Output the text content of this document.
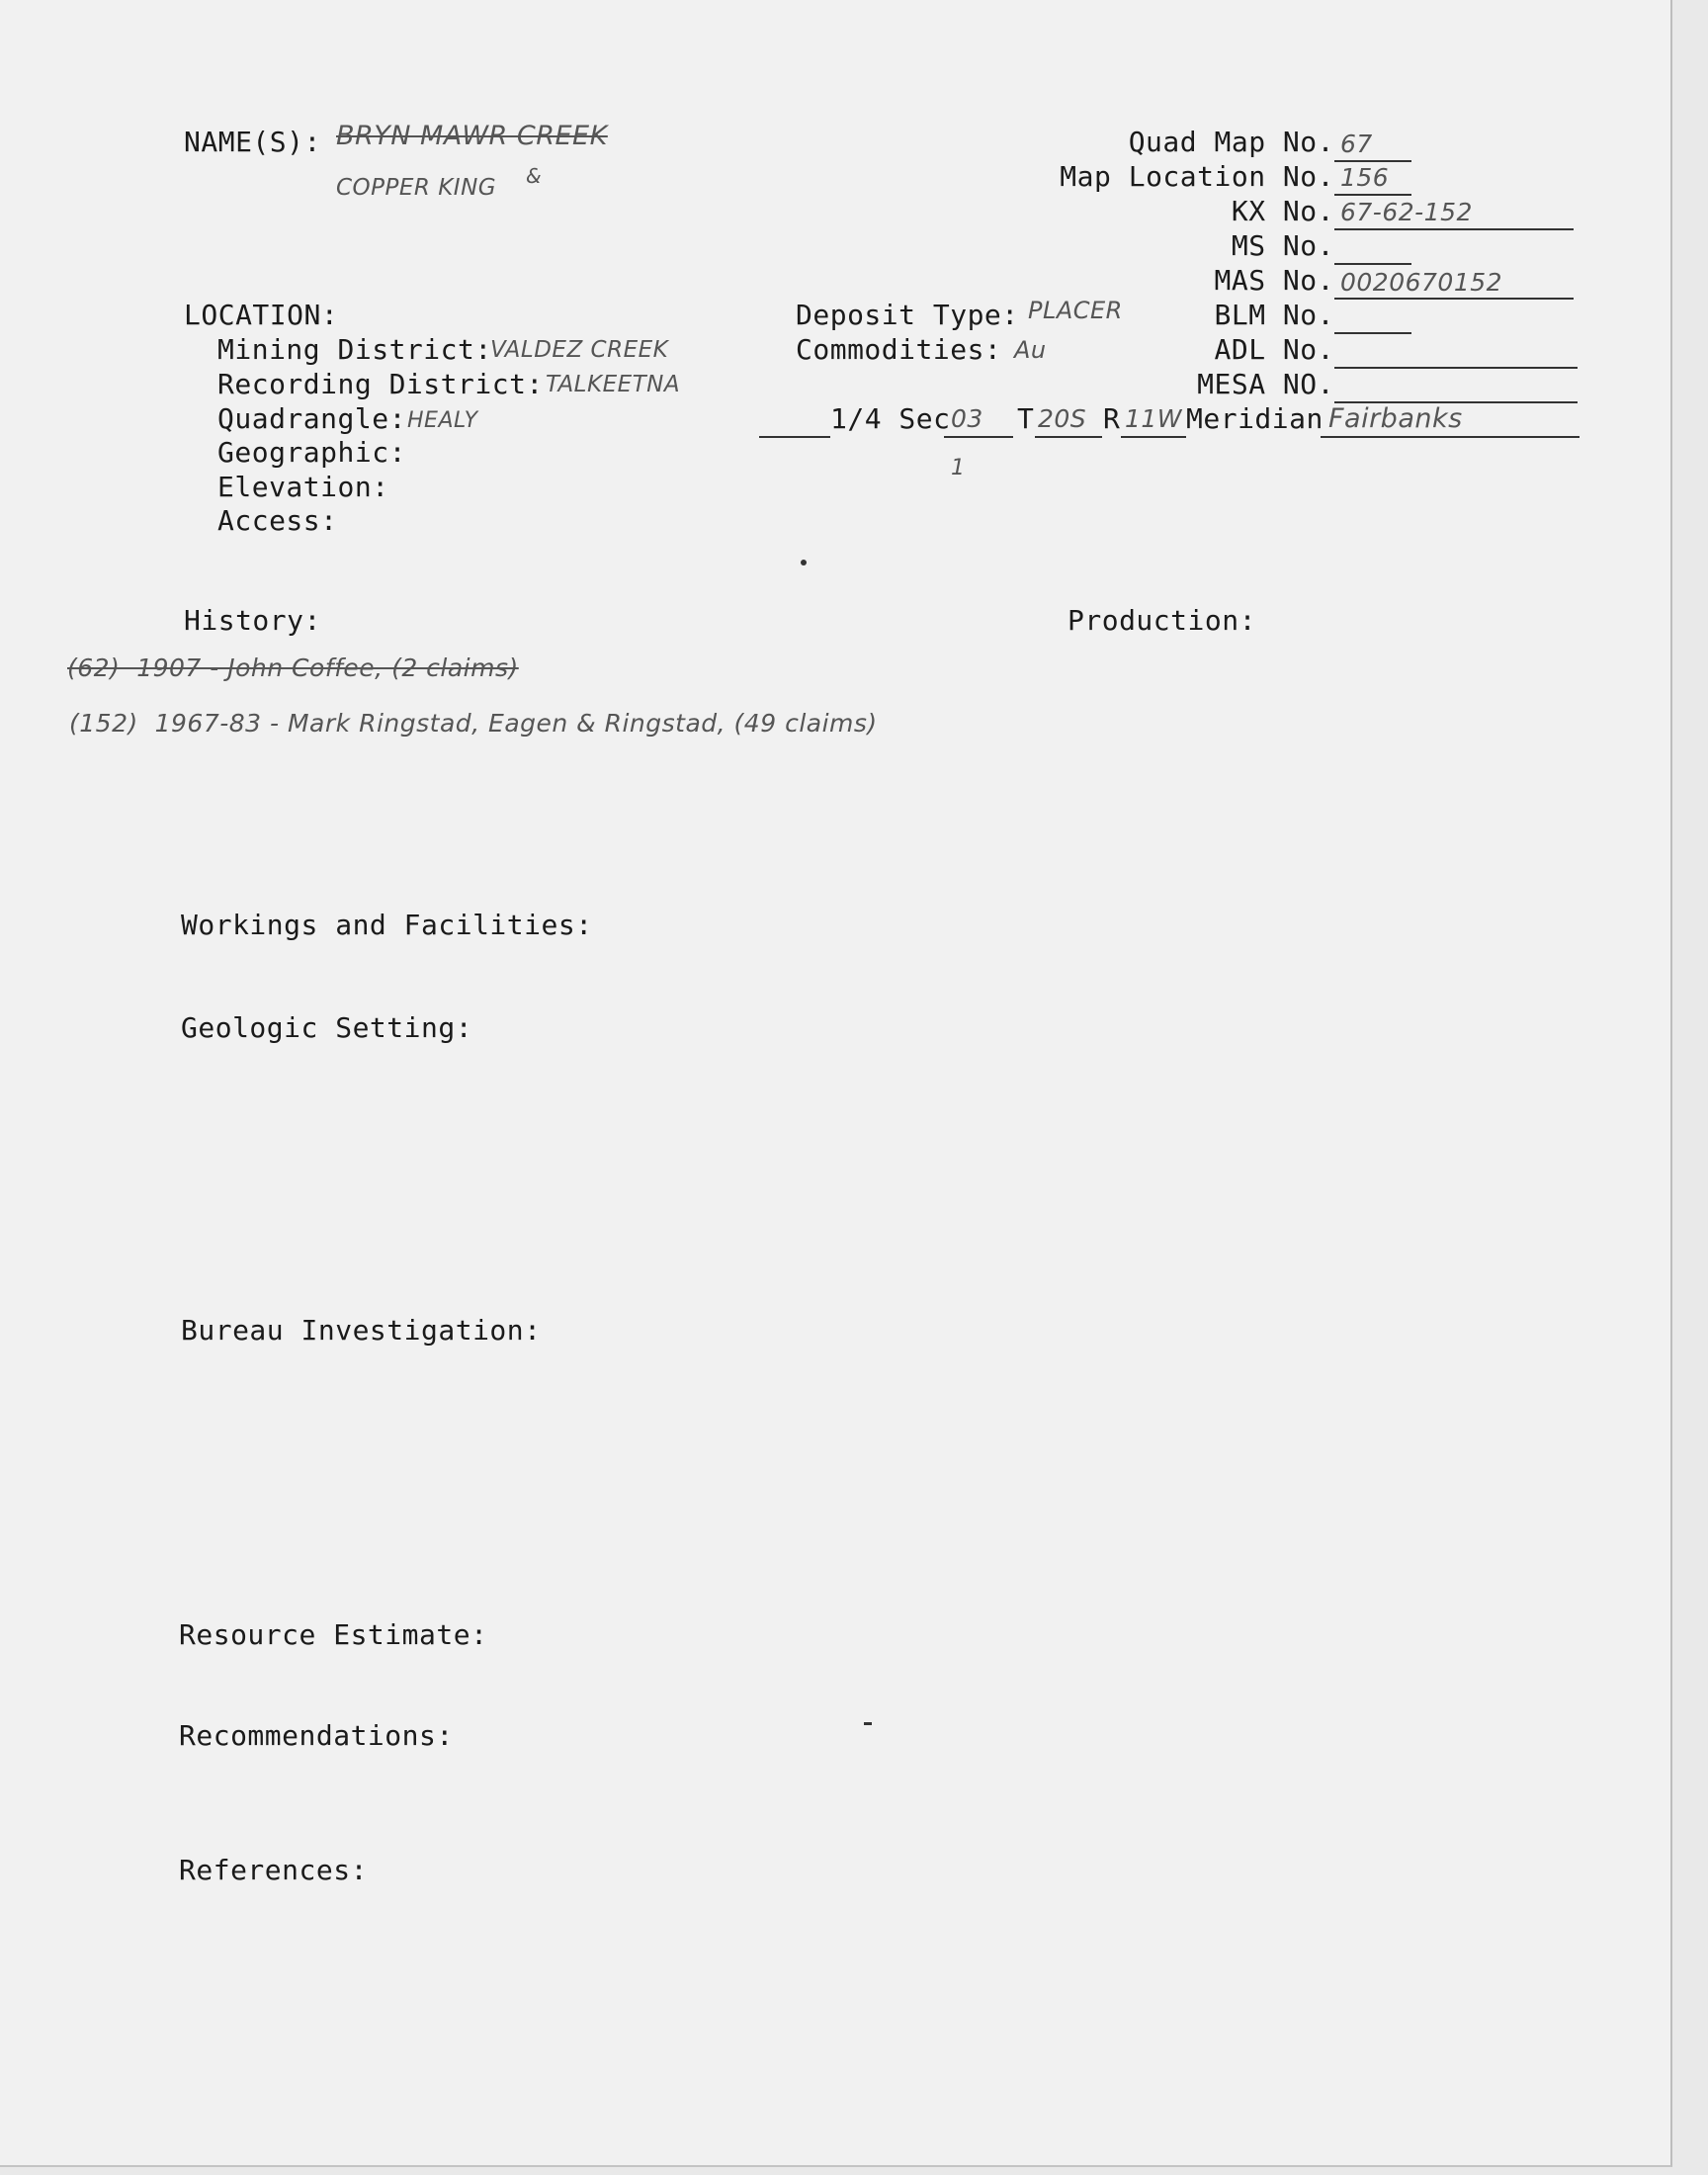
NAME(S): BRYN MAWR CREEK
COPPER KING &
Quad Map No. 67
Map Location No. 156
KX No. 67-62-152
MS No.
MAS No. 0020670152
BLM No.
ADL No.
MESA NO.
LOCATION:
Mining District:
VALDEZ CREEK
Recording District: TALKEETNA
Quadrangle: HEALY
Geographic:
Elevation:
Access:
1
Deposit Type: PLACER
Commodities: Au
1/4 Sec 03 T 20S R 11W Meridian Fairbanks
History:	Production:
(62)  1907 - John Coffee, (2 claims)
(152)  1967-83 - Mark Ringstad, Eagen & Ringstad, (49 claims)
Workings and Facilities:
Geologic Setting:
Bureau Investigation:
Resource Estimate:
Recommendations:
References:
